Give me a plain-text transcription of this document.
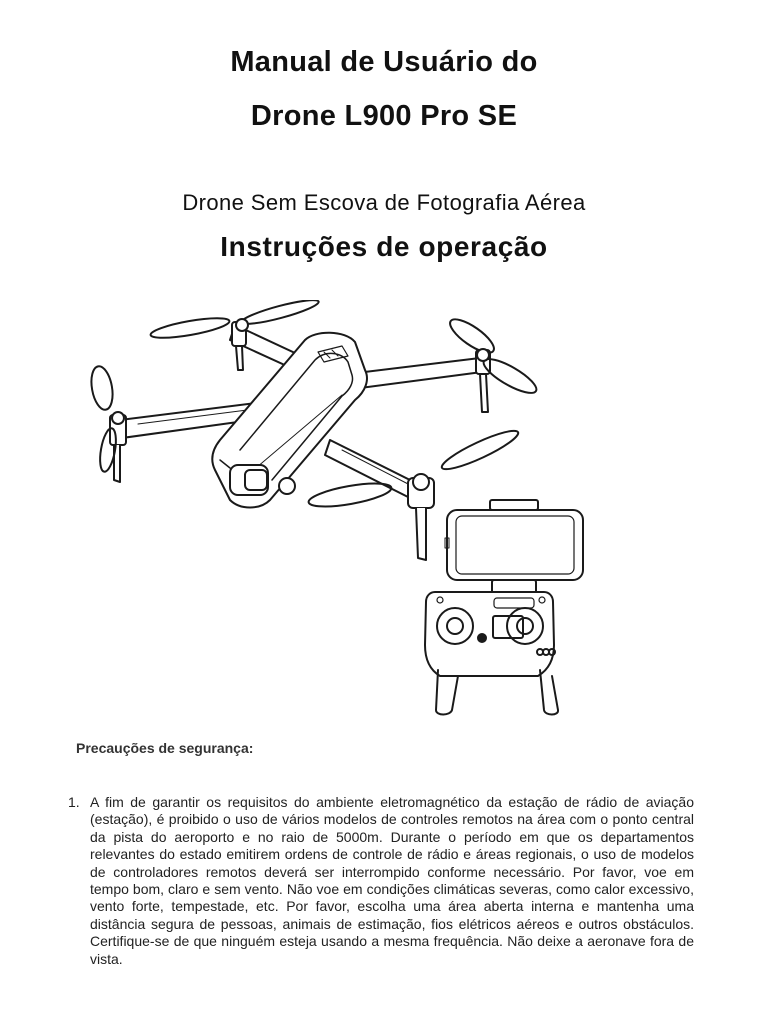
Manual de Usuário do
Drone L900 Pro SE

Drone Sem Escova de Fotografia Aérea

Instruções de operação
Precauções de segurança:
1. A fim de garantir os requisitos do ambiente eletromagnético da estação de rádio de aviação (estação), é proibido o uso de vários modelos de controles remotos na área com o ponto central da pista do aeroporto e no raio de 5000m. Durante o período em que os departamentos relevantes do estado emitirem ordens de controle de rádio e áreas regionais, o uso de modelos de controladores remotos deverá ser interrompido conforme necessário. Por favor, voe em tempo bom, claro e sem vento. Não voe em condições climáticas severas, como calor excessivo, vento forte, tempestade, etc. Por favor, escolha uma área aberta interna e mantenha uma distância segura de pessoas, animais de estimação, fios elétricos aéreos e outros obstáculos. Certifique-se de que ninguém esteja usando a mesma frequência. Não deixe a aeronave fora de vista.
